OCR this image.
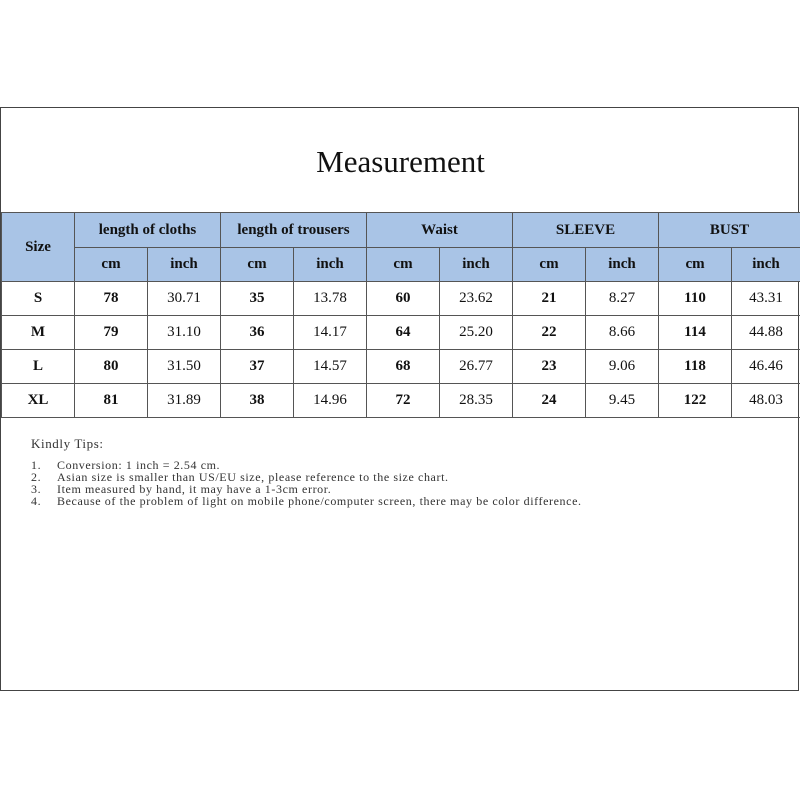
Measurement
Size	length of cloths		length of trousers		Waist		SLEEVE		BUST	
	cm	inch	cm	inch	cm	inch	cm	inch	cm	inch
S	78	30.71	35	13.78	60	23.62	21	8.27	110	43.31
M	79	31.10	36	14.17	64	25.20	22	8.66	114	44.88
L	80	31.50	37	14.57	68	26.77	23	9.06	118	46.46
XL	81	31.89	38	14.96	72	28.35	24	9.45	122	48.03
Kindly Tips:
1.	Conversion: 1 inch = 2.54 cm.
2.	Asian size is smaller than US/EU size, please reference to the size chart.
3.	Item measured by hand, it may have a 1-3cm error.
4.	Because of the problem of light on mobile phone/computer screen, there may be color difference.
